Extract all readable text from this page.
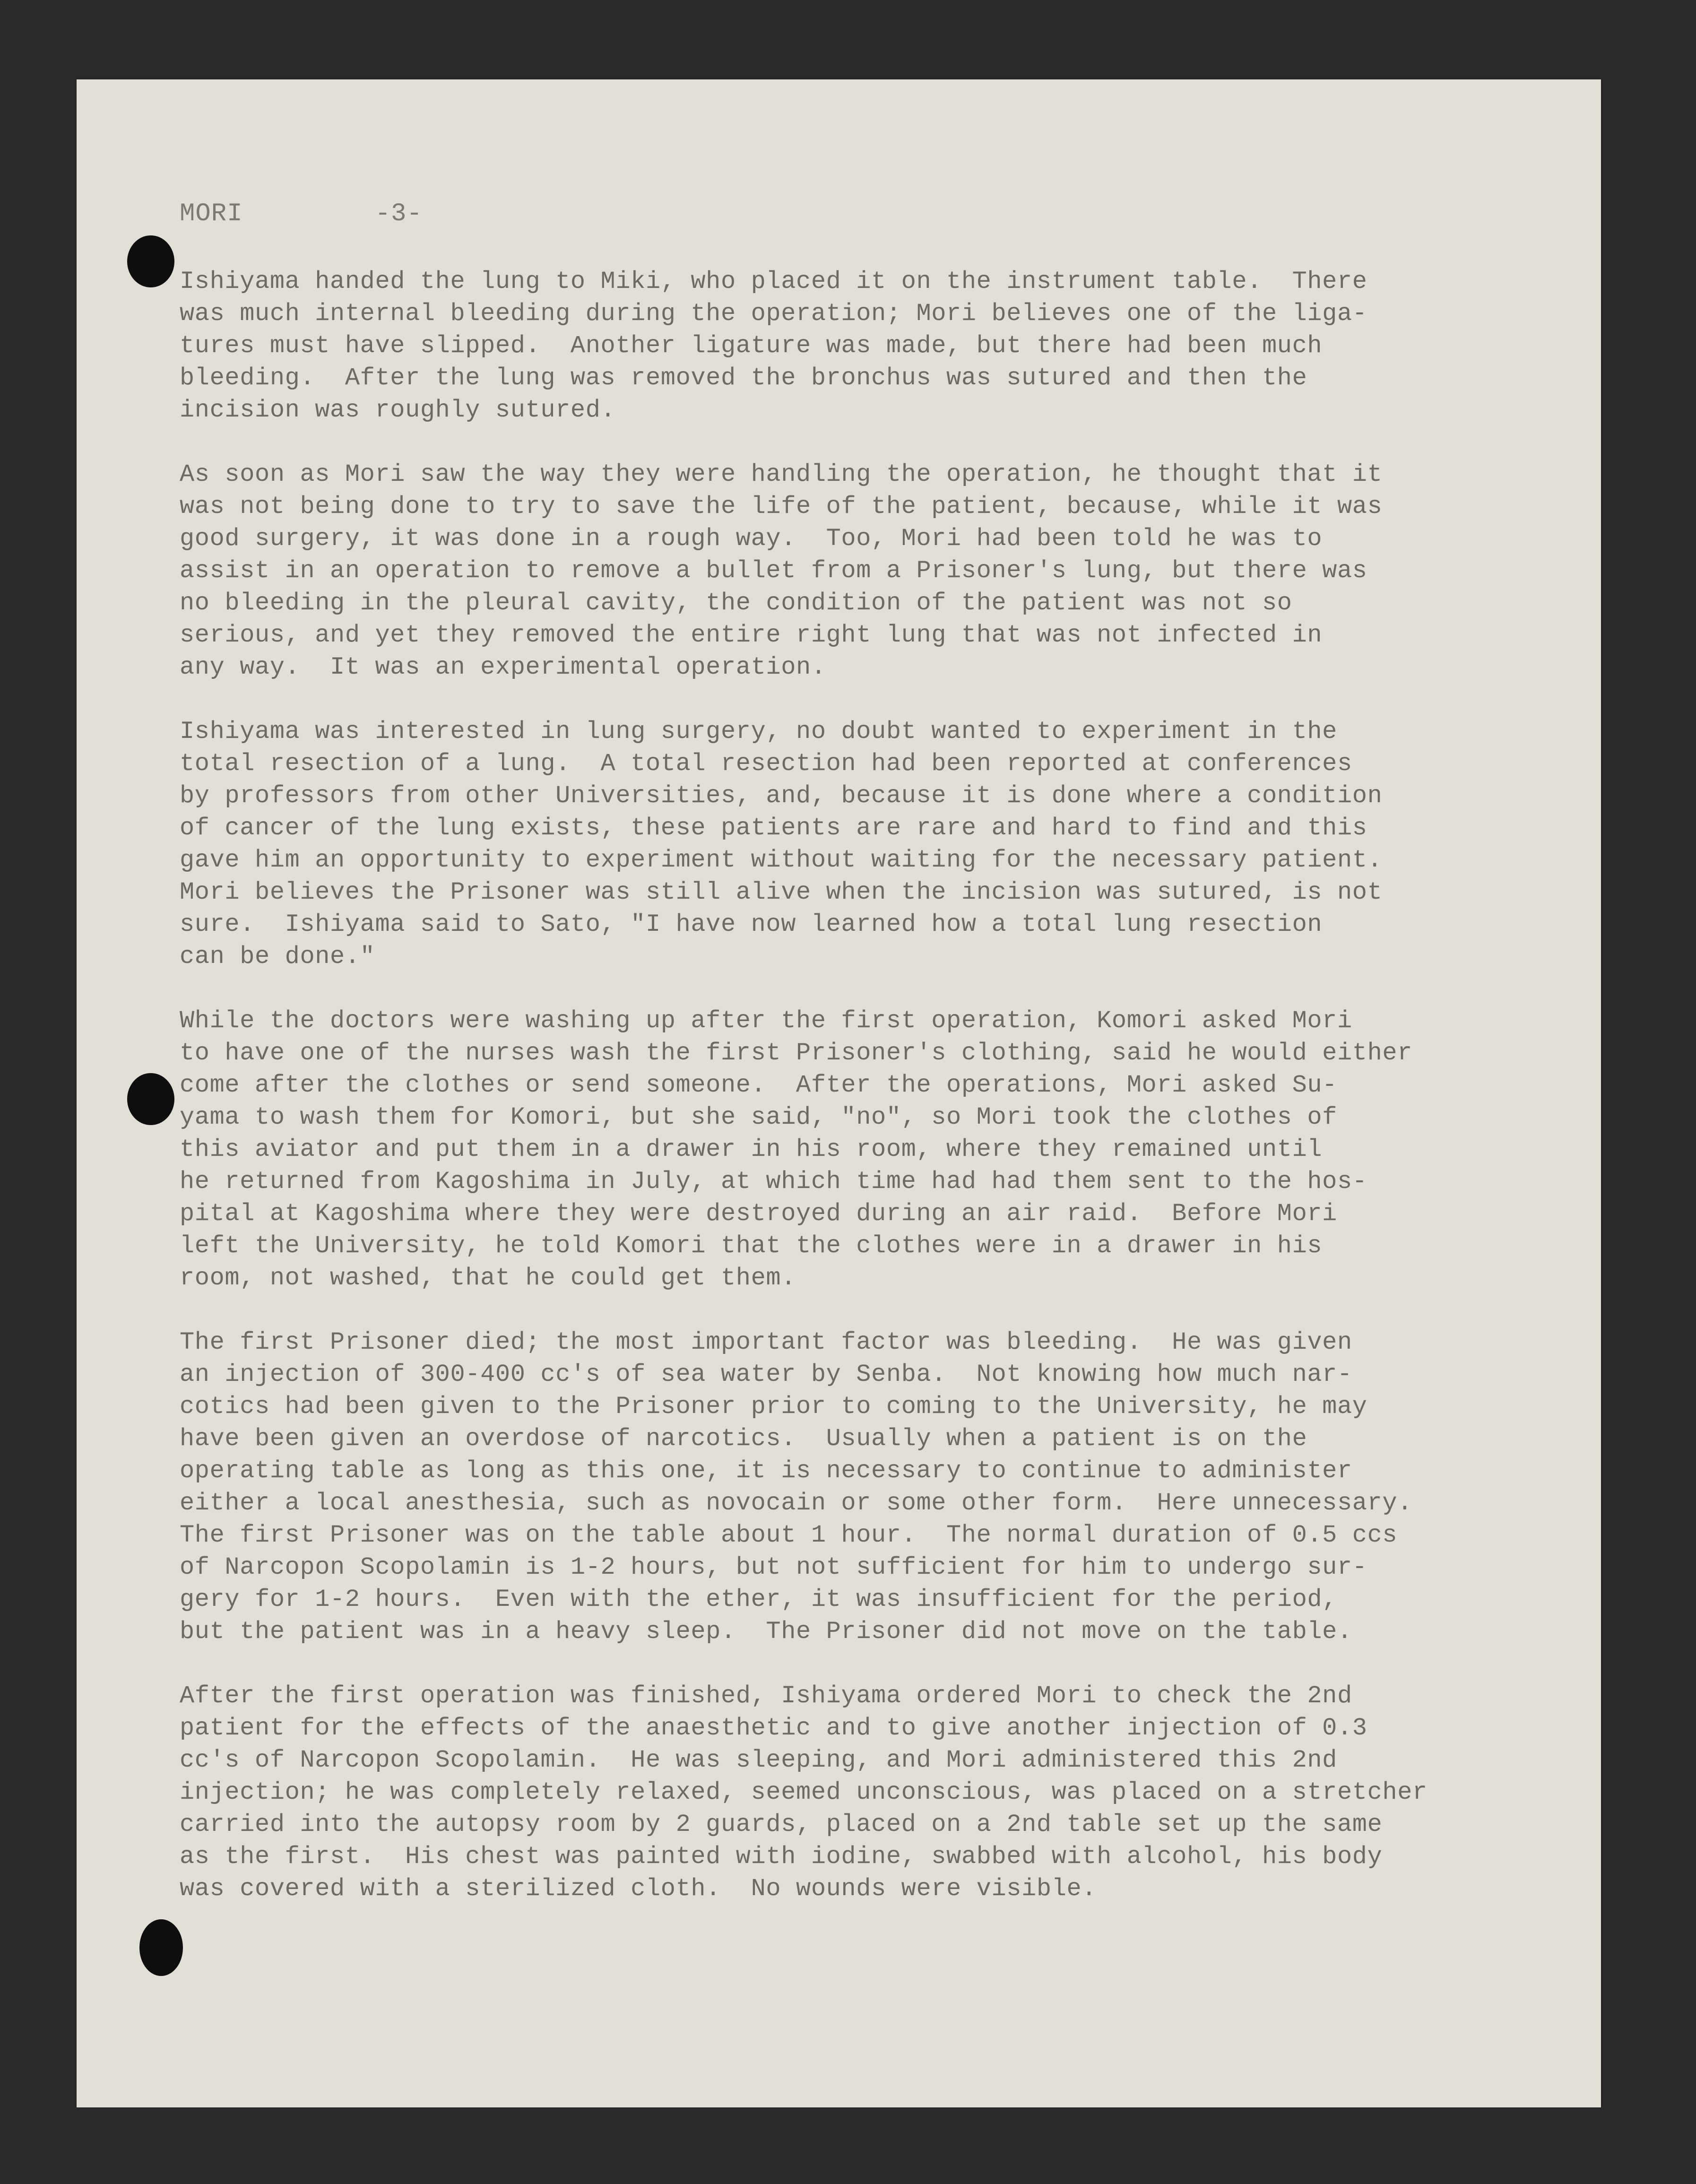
MORI	-3-
Ishiyama handed the lung to Miki, who placed it on the instrument table.  There
was much internal bleeding during the operation; Mori believes one of the liga-
tures must have slipped.  Another ligature was made, but there had been much
bleeding.  After the lung was removed the bronchus was sutured and then the
incision was roughly sutured.
As soon as Mori saw the way they were handling the operation, he thought that it
was not being done to try to save the life of the patient, because, while it was
good surgery, it was done in a rough way.  Too, Mori had been told he was to
assist in an operation to remove a bullet from a Prisoner's lung, but there was
no bleeding in the pleural cavity, the condition of the patient was not so
serious, and yet they removed the entire right lung that was not infected in
any way.  It was an experimental operation.
Ishiyama was interested in lung surgery, no doubt wanted to experiment in the
total resection of a lung.  A total resection had been reported at conferences
by professors from other Universities, and, because it is done where a condition
of cancer of the lung exists, these patients are rare and hard to find and this
gave him an opportunity to experiment without waiting for the necessary patient.
Mori believes the Prisoner was still alive when the incision was sutured, is not
sure.  Ishiyama said to Sato, "I have now learned how a total lung resection
can be done."
While the doctors were washing up after the first operation, Komori asked Mori
to have one of the nurses wash the first Prisoner's clothing, said he would either
come after the clothes or send someone.  After the operations, Mori asked Su-
yama to wash them for Komori, but she said, "no", so Mori took the clothes of
this aviator and put them in a drawer in his room, where they remained until
he returned from Kagoshima in July, at which time had had them sent to the hos-
pital at Kagoshima where they were destroyed during an air raid.  Before Mori
left the University, he told Komori that the clothes were in a drawer in his
room, not washed, that he could get them.
The first Prisoner died; the most important factor was bleeding.  He was given
an injection of 300-400 cc's of sea water by Senba.  Not knowing how much nar-
cotics had been given to the Prisoner prior to coming to the University, he may
have been given an overdose of narcotics.  Usually when a patient is on the
operating table as long as this one, it is necessary to continue to administer
either a local anesthesia, such as novocain or some other form.  Here unnecessary.
The first Prisoner was on the table about 1 hour.  The normal duration of 0.5 ccs
of Narcopon Scopolamin is 1-2 hours, but not sufficient for him to undergo sur-
gery for 1-2 hours.  Even with the ether, it was insufficient for the period,
but the patient was in a heavy sleep.  The Prisoner did not move on the table.
After the first operation was finished, Ishiyama ordered Mori to check the 2nd
patient for the effects of the anaesthetic and to give another injection of 0.3
cc's of Narcopon Scopolamin.  He was sleeping, and Mori administered this 2nd
injection; he was completely relaxed, seemed unconscious, was placed on a stretcher
carried into the autopsy room by 2 guards, placed on a 2nd table set up the same
as the first.  His chest was painted with iodine, swabbed with alcohol, his body
was covered with a sterilized cloth.  No wounds were visible.
